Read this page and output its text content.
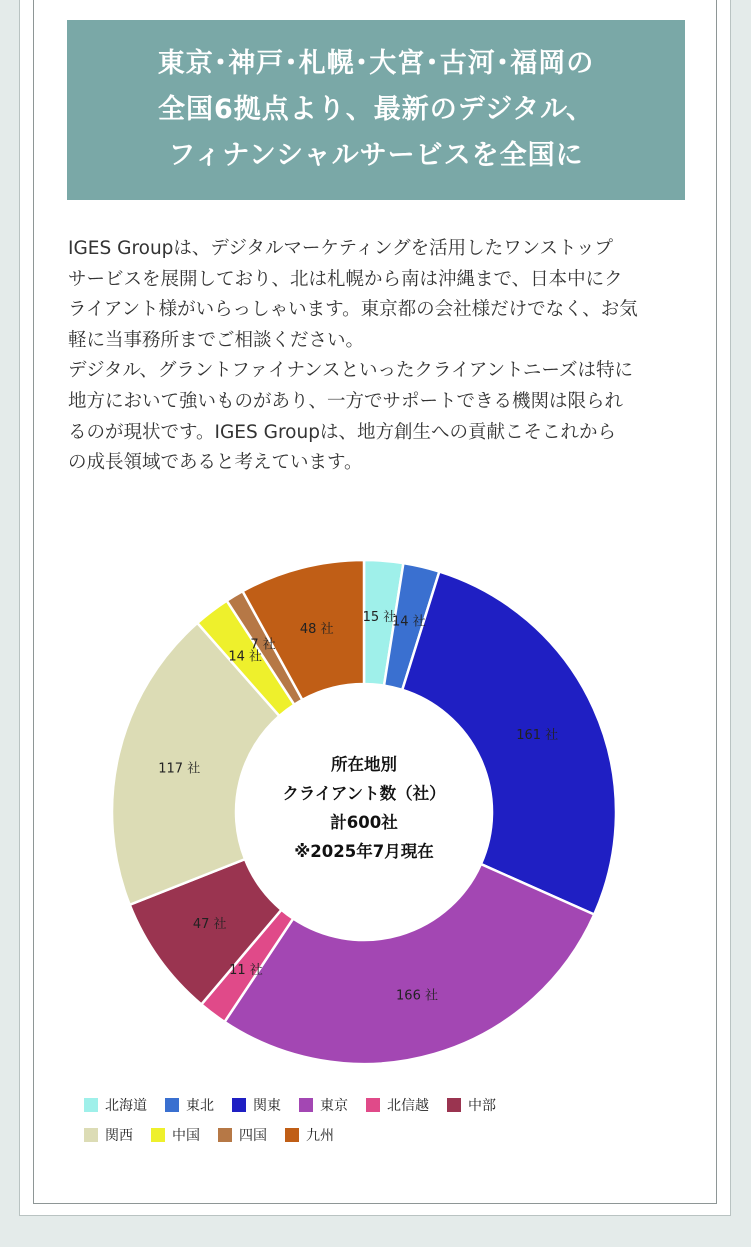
東京･神戸･札幌･大宮･古河･福岡の
全国6拠点より、最新のデジタル、
フィナンシャルサービスを全国に

IGES Groupは、デジタルマーケティングを活用したワンストップ

サービスを展開しており、北は札幌から南は沖縄まで、日本中にク

ライアント様がいらっしゃいます。東京都の会社様だけでなく、お気

軽に当事務所までご相談ください。

デジタル、グラントファイナンスといったクライアントニーズは特に

地方において強いものがあり、一方でサポートできる機関は限られ

るのが現状です。IGES Groupは、地方創生への貢献こそこれから

の成長領域であると考えています。

15 社
14 社
161 社
166 社
11 社
47 社
117 社
14 社
7 社
48 社
所在地別
クライアント数（社）
計600社
※2025年7月現在
北海道	東北	関東	東京	北信越	中部
関西	中国	四国	九州
